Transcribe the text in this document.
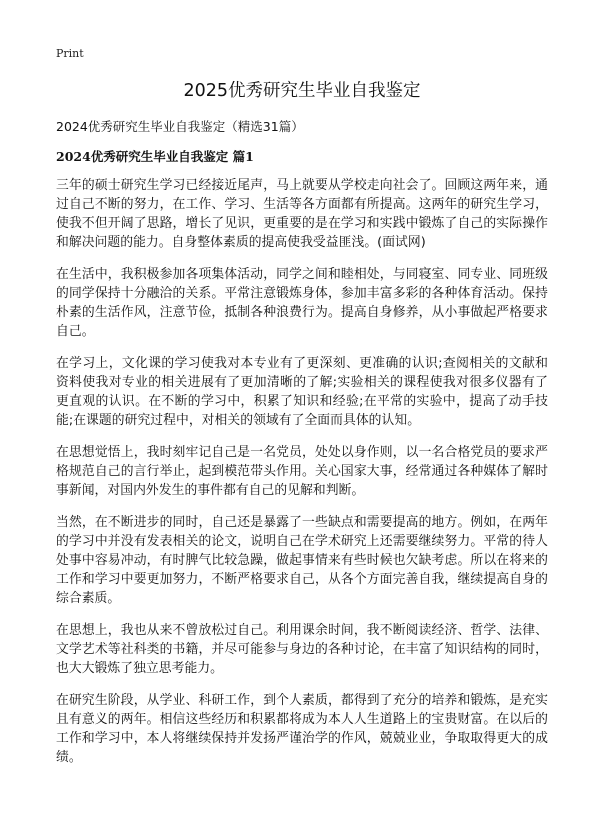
Print
2025优秀研究生毕业自我鉴定

2024优秀研究生毕业自我鉴定（精选31篇）

2024优秀研究生毕业自我鉴定 篇1

三年的硕士研究生学习已经接近尾声，马上就要从学校走向社会了。回顾这两年来，通过自己不断的努力，在工作、学习、生活等各方面都有所提高。这两年的研究生学习，使我不但开阔了思路，增长了见识，更重要的是在学习和实践中锻炼了自己的实际操作和解决问题的能力。自身整体素质的提高使我受益匪浅。(面试网)

在生活中，我积极参加各项集体活动，同学之间和睦相处，与同寝室、同专业、同班级的同学保持十分融洽的关系。平常注意锻炼身体，参加丰富多彩的各种体育活动。保持朴素的生活作风，注意节俭，抵制各种浪费行为。提高自身修养，从小事做起严格要求自己。

在学习上，文化课的学习使我对本专业有了更深刻、更准确的认识;查阅相关的文献和资料使我对专业的相关进展有了更加清晰的了解;实验相关的课程使我对很多仪器有了更直观的认识。在不断的学习中，积累了知识和经验;在平常的实验中，提高了动手技能;在课题的研究过程中，对相关的领域有了全面而具体的认知。

在思想觉悟上，我时刻牢记自己是一名党员，处处以身作则，以一名合格党员的要求严格规范自己的言行举止，起到模范带头作用。关心国家大事，经常通过各种媒体了解时事新闻，对国内外发生的事件都有自己的见解和判断。

当然，在不断进步的同时，自己还是暴露了一些缺点和需要提高的地方。例如，在两年的学习中并没有发表相关的论文，说明自己在学术研究上还需要继续努力。平常的待人处事中容易冲动，有时脾气比较急躁，做起事情来有些时候也欠缺考虑。所以在将来的工作和学习中要更加努力，不断严格要求自己，从各个方面完善自我，继续提高自身的综合素质。

在思想上，我也从来不曾放松过自己。利用课余时间，我不断阅读经济、哲学、法律、文学艺术等社科类的书籍，并尽可能参与身边的各种讨论，在丰富了知识结构的同时，也大大锻炼了独立思考能力。

在研究生阶段，从学业、科研工作，到个人素质，都得到了充分的培养和锻炼，是充实且有意义的两年。相信这些经历和积累都将成为本人人生道路上的宝贵财富。在以后的工作和学习中，本人将继续保持并发扬严谨治学的作风，兢兢业业，争取取得更大的成绩。
